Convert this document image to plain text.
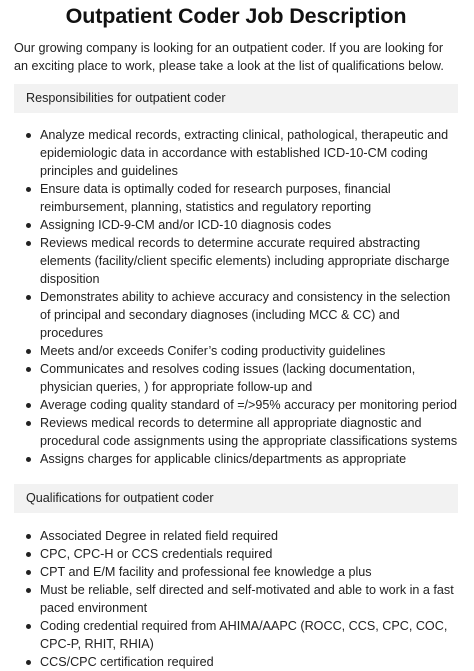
Outpatient Coder Job Description

Our growing company is looking for an outpatient coder. If you are looking for an exciting place to work, please take a look at the list of qualifications below.

Responsibilities for outpatient coder
Analyze medical records, extracting clinical, pathological, therapeutic and epidemiologic data in accordance with established ICD-10-CM coding principles and guidelines
Ensure data is optimally coded for research purposes, financial reimbursement, planning, statistics and regulatory reporting
Assigning ICD-9-CM and/or ICD-10 diagnosis codes
Reviews medical records to determine accurate required abstracting elements (facility/client specific elements) including appropriate discharge disposition
Demonstrates ability to achieve accuracy and consistency in the selection of principal and secondary diagnoses (including MCC & CC) and procedures
Meets and/or exceeds Conifer’s coding productivity guidelines
Communicates and resolves coding issues (lacking documentation, physician queries, ) for appropriate follow-up and
Average coding quality standard of =/>95% accuracy per monitoring period
Reviews medical records to determine all appropriate diagnostic and procedural code assignments using the appropriate classifications systems
Assigns charges for applicable clinics/departments as appropriate
Qualifications for outpatient coder
Associated Degree in related field required
CPC, CPC-H or CCS credentials required
CPT and E/M facility and professional fee knowledge a plus
Must be reliable, self directed and self-motivated and able to work in a fast paced environment
Coding credential required from AHIMA/AAPC (ROCC, CCS, CPC, COC, CPC-P, RHIT, RHIA)
CCS/CPC certification required
